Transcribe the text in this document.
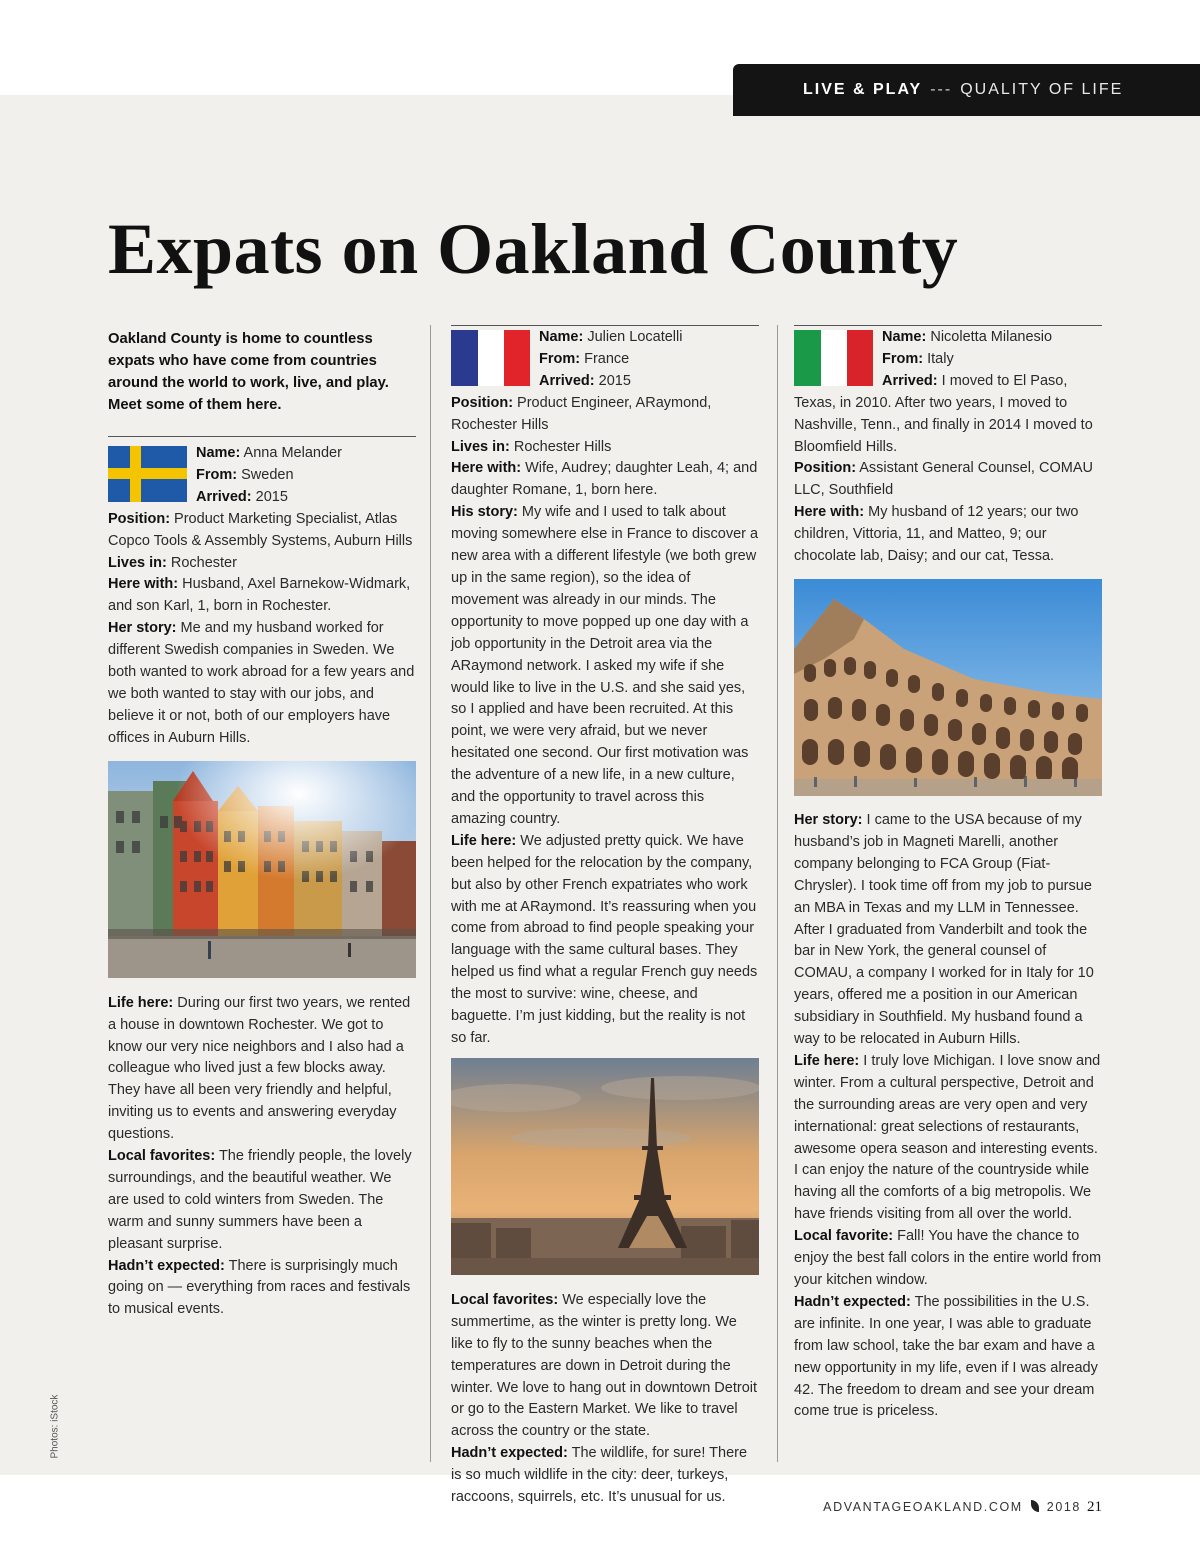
LIVE & PLAY --- QUALITY OF LIFE
Expats on Oakland County

Oakland County is home to countless expats who have come from countries around the world to work, live, and play. Meet some of them here.

Name: Anna Melander

From: Sweden

Arrived: 2015

Position: Product Marketing Specialist, Atlas Copco Tools & Assembly Systems, Auburn Hills

Lives in: Rochester

Here with: Husband, Axel Barnekow-Widmark, and son Karl, 1, born in Rochester.

Her story: Me and my husband worked for different Swedish companies in Sweden. We both wanted to work abroad for a few years and we both wanted to stay with our jobs, and believe it or not, both of our employers have offices in Auburn Hills.

Life here: During our first two years, we rented a house in downtown Rochester. We got to know our very nice neighbors and I also had a colleague who lived just a few blocks away. They have all been very friendly and helpful, inviting us to events and answering everyday questions.

Local favorites: The friendly people, the lovely surroundings, and the beautiful weather. We are used to cold winters from Sweden. The warm and sunny summers have been a pleasant surprise.

Hadn’t expected: There is surprisingly much going on — everything from races and festivals to musical events.

Name: Julien Locatelli

From: France

Arrived: 2015

Position: Product Engineer, ARaymond, Rochester Hills

Lives in: Rochester Hills

Here with: Wife, Audrey; daughter Leah, 4; and daughter Romane, 1, born here.

His story: My wife and I used to talk about moving somewhere else in France to discover a new area with a different lifestyle (we both grew up in the same region), so the idea of movement was already in our minds. The opportunity to move popped up one day with a job opportunity in the Detroit area via the ARaymond network. I asked my wife if she would like to live in the U.S. and she said yes, so I applied and have been recruited. At this point, we were very afraid, but we never hesitated one second. Our first motivation was the adventure of a new life, in a new culture, and the opportunity to travel across this amazing country.

Life here: We adjusted pretty quick. We have been helped for the relocation by the company, but also by other French expatriates who work with me at ARaymond. It’s reassuring when you come from abroad to find people speaking your language with the same cultural bases. They helped us find what a regular French guy needs the most to survive: wine, cheese, and baguette. I’m just kidding, but the reality is not so far.

Local favorites: We especially love the summertime, as the winter is pretty long. We like to fly to the sunny beaches when the temperatures are down in Detroit during the winter. We love to hang out in downtown Detroit or go to the Eastern Market. We like to travel across the country or the state.

Hadn’t expected: The wildlife, for sure! There is so much wildlife in the city: deer, turkeys, raccoons, squirrels, etc. It’s unusual for us.

Name: Nicoletta Milanesio

From: Italy

Arrived: I moved to El Paso,

Texas, in 2010. After two years, I moved to Nashville, Tenn., and finally in 2014 I moved to Bloomfield Hills.

Position: Assistant General Counsel, COMAU LLC, Southfield

Here with: My husband of 12 years; our two children, Vittoria, 11, and Matteo, 9; our chocolate lab, Daisy; and our cat, Tessa.

Her story: I came to the USA because of my husband’s job in Magneti Marelli, another company belonging to FCA Group (Fiat-Chrysler). I took time off from my job to pursue an MBA in Texas and my LLM in Tennessee. After I graduated from Vanderbilt and took the bar in New York, the general counsel of COMAU, a company I worked for in Italy for 10 years, offered me a position in our American subsidiary in Southfield. My husband found a way to be relocated in Auburn Hills.

Life here: I truly love Michigan. I love snow and winter. From a cultural perspective, Detroit and the surrounding areas are very open and very international: great selections of restaurants, awesome opera season and interesting events. I can enjoy the nature of the countryside while having all the comforts of a big metropolis. We have friends visiting from all over the world.

Local favorite: Fall! You have the chance to enjoy the best fall colors in the entire world from your kitchen window.

Hadn’t expected: The possibilities in the U.S. are infinite. In one year, I was able to graduate from law school, take the bar exam and have a new opportunity in my life, even if I was already 42. The freedom to dream and see your dream come true is priceless.

Photos: iStock
ADVANTAGEOAKLAND.COM 2018 21
